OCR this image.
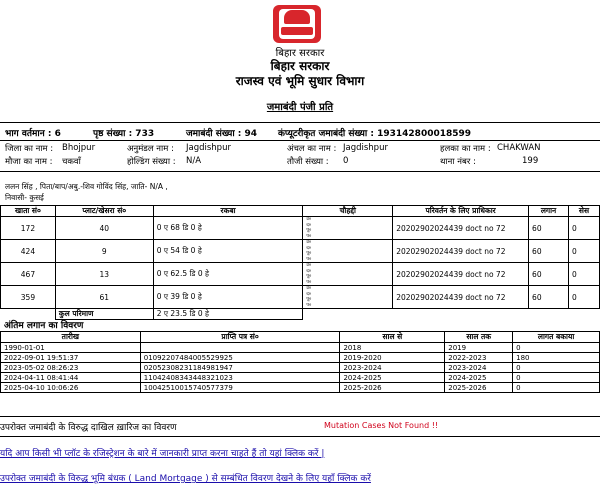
बिहार सरकार
बिहार सरकार
राजस्व एवं भूमि सुधार विभाग
जमाबंदी पंजी प्रति
भाग वर्तमान : 6	पृष्ठ संख्या : 733	जमाबंदी संख्या : 94 कंप्यूटरीकृत जमाबंदी संख्या : 193142800018599
जिला का नाम : Bhojpur	अनुमंडल नाम : Jagdishpur	अंचल का नाम : Jagdishpur	हलका का नाम : CHAKWAN
मौजा का नाम : चकवाँ	होल्डिंग संख्या : N/A	तौजी संख्या : 0	थाना नंबर :	199
ललन सिंह , पिता/बाप/अबु.-शिव गोविंद सिंह, जाति- N/A ,
निवासी- कुसई
खाता सं०	प्लाट/खेसरा सं०	रकबा	चौहद्दी	परिवर्तन के लिए प्राधिकार	लगान	सेस
172	40	0 ए 68 डि 0 हे	उ०
द०
पू०
प०	20202902024439 doct no 72	60	0
424	9	0 ए 54 डि 0 हे	उ०
द०
पू०
प०	20202902024439 doct no 72	60	0
467	13	0 ए 62.5 डि 0 हे	उ०
द०
पू०
प०	20202902024439 doct no 72	60	0
359	61	0 ए 39 डि 0 हे	उ०
द०
पू०
प०	20202902024439 doct no 72	60	0
	कुल परिमाण	2 ए 23.5 डि 0 हे				
अंतिम लगान का विवरण
तारीख	प्राप्ति पत्र सं०	साल से	साल तक	लागत बकाया
1990-01-01		2018	2019	0
2022-09-01 19:51:37	01092207484005529925	2019-2020	2022-2023	180
2023-05-02 08:26:23	02052308231184981947	2023-2024	2023-2024	0
2024-04-11 08:41:44	11042408343448321023	2024-2025	2024-2025	0
2025-04-10 10:06:26	10042510015740577379	2025-2026	2025-2026	0
उपरोक्त जमाबंदी के विरुद्ध दाखिल ख़ारिज का विवरण	Mutation Cases Not Found !!
यदि आप किसी भी प्लॉट के रजिस्ट्रेशन के बारे में जानकारी प्राप्त करना चाहते हैं तो यहां क्लिक करें |
उपरोक्त जमाबंदी के विरुद्ध भूमि बंधक ( Land Mortgage ) से सम्बंधित विवरण देखने के लिए यहाँ क्लिक करें
